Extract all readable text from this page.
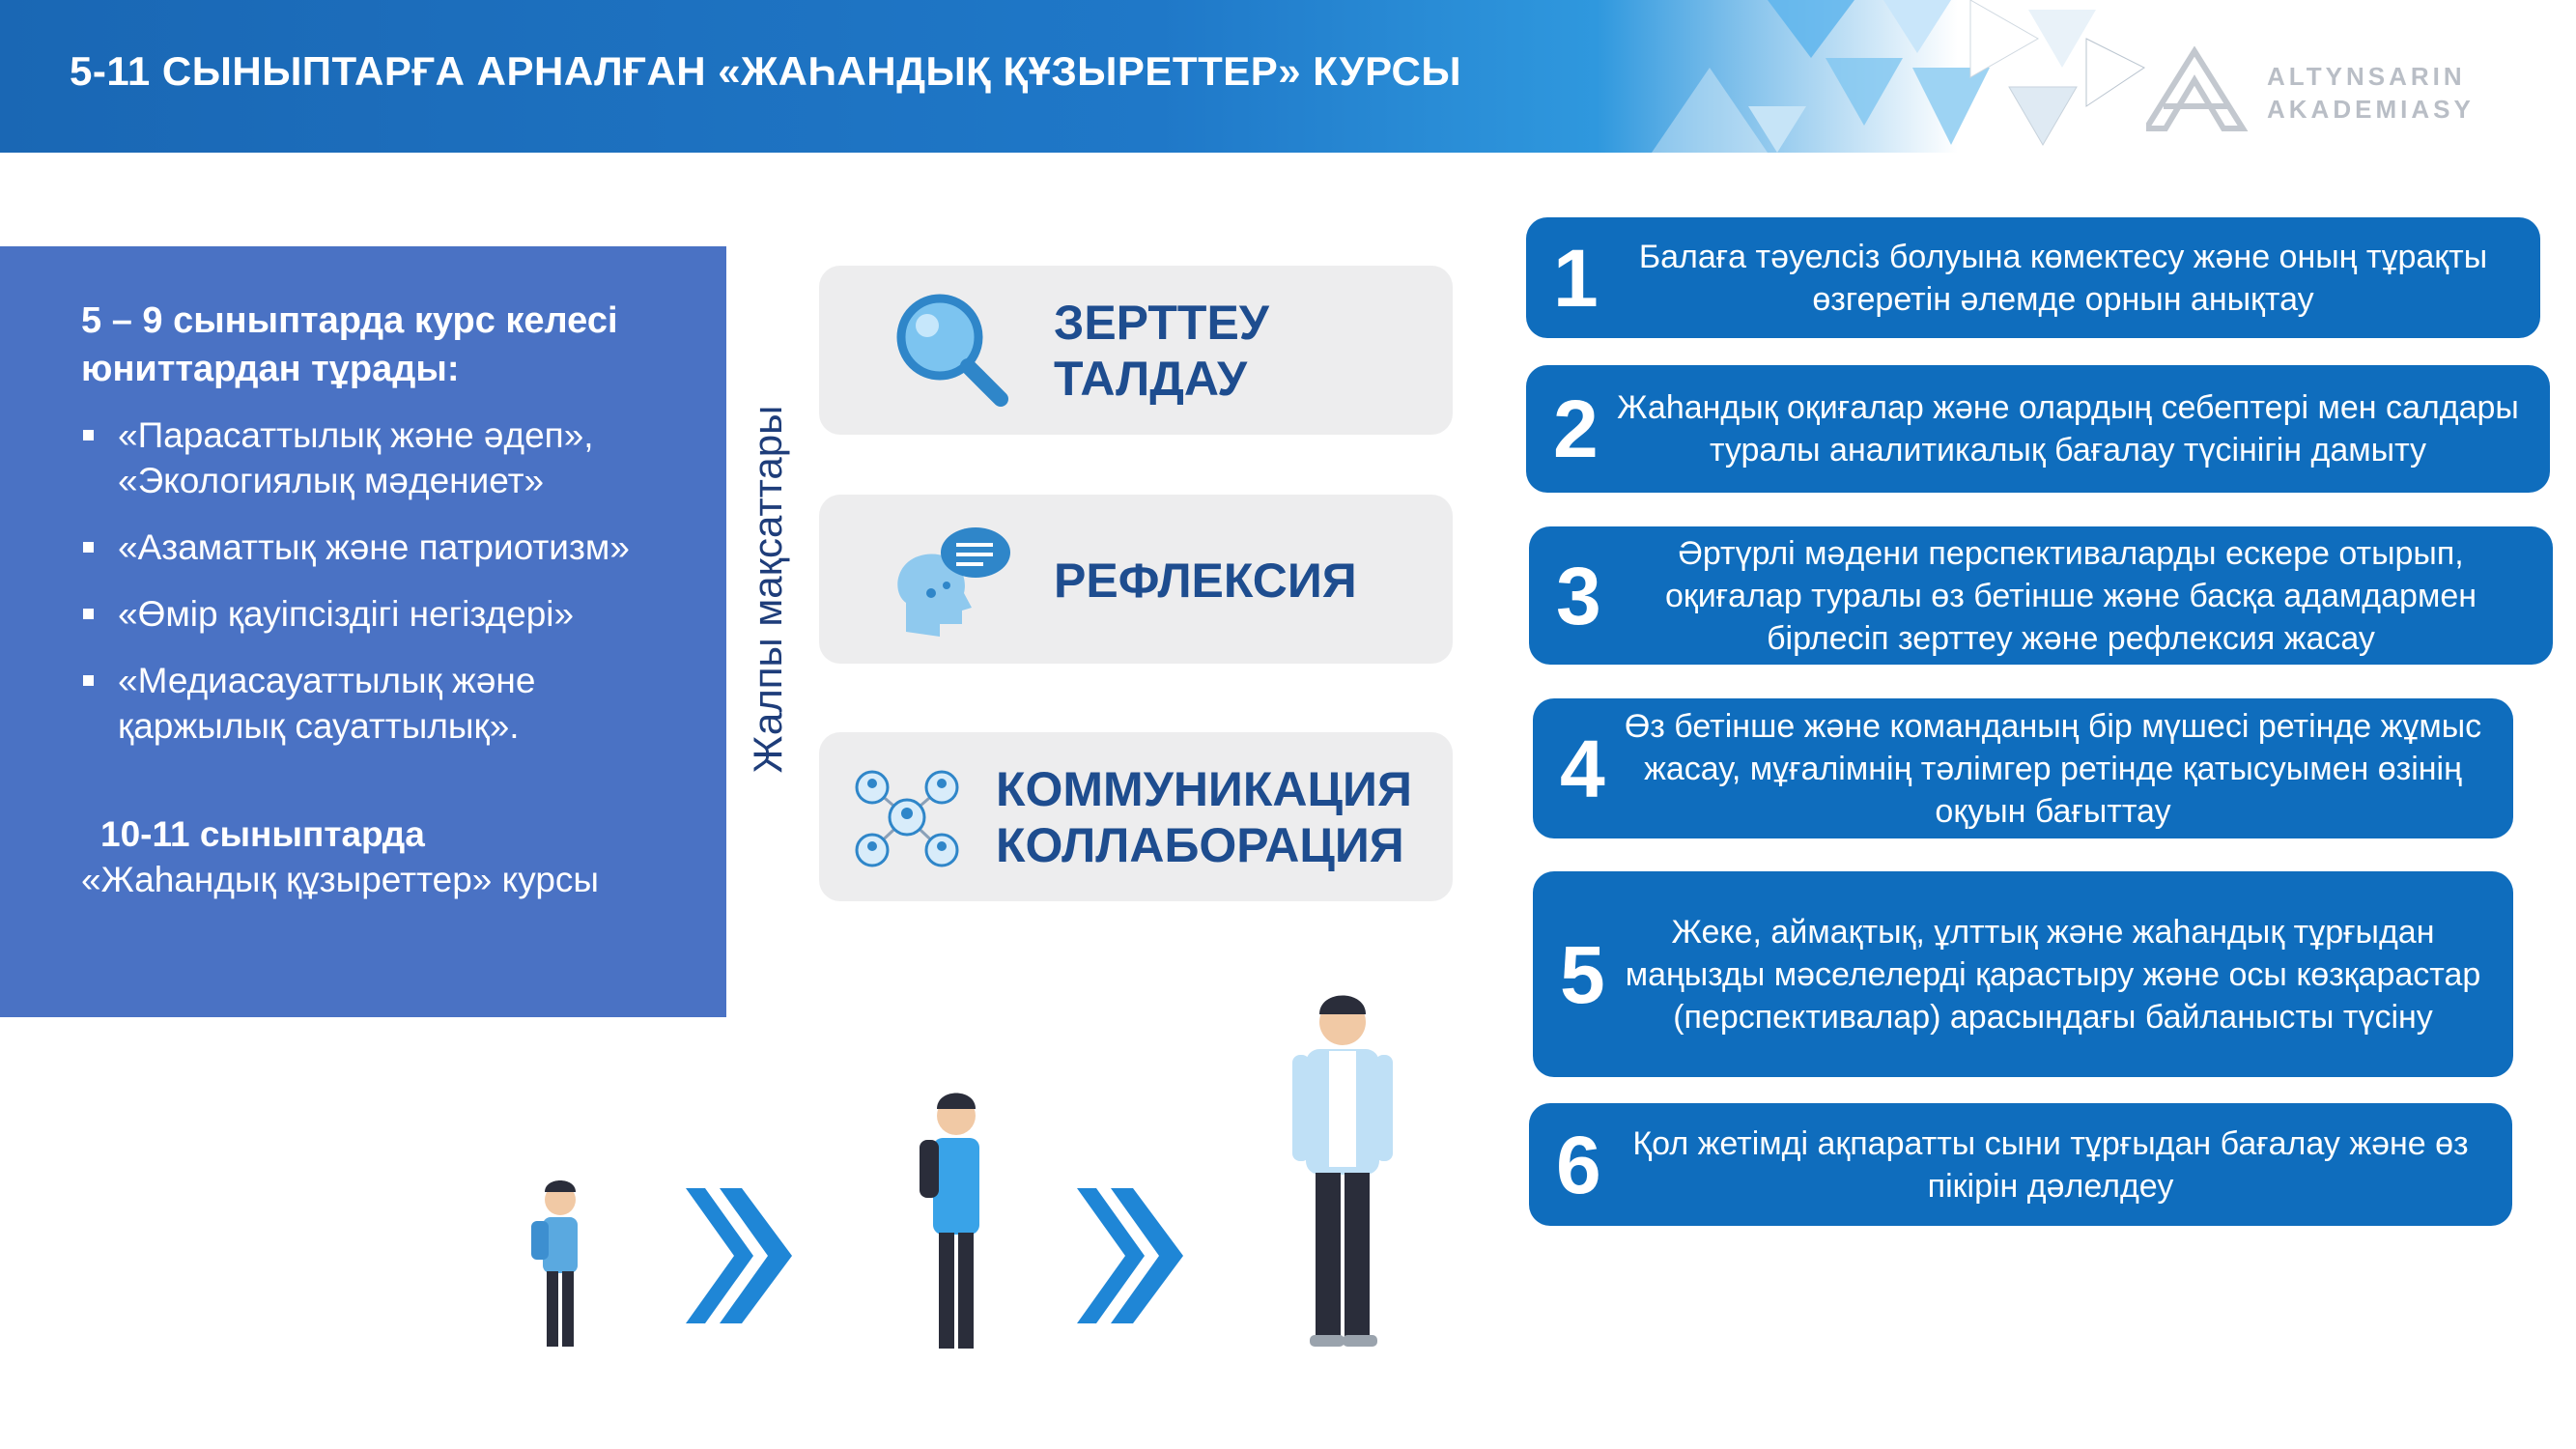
5-11 СЫНЫПТАРҒА АРНАЛҒАН «ЖАҺАНДЫҚ ҚҰЗЫРЕТТЕР» КУРСЫ	ALTYNSARIN
AKADEMIASY
5 – 9 сыныптарда курс келесі юниттардан тұрады:
«Парасаттылық және әдеп», «Экологиялық мәдениет»
«Азаматтық және патриотизм»
«Өмір қауіпсіздігі негіздері»
«Медиасауаттылық және қаржылық сауаттылық».
10-11 сыныптарда
«Жаһандық құзыреттер» курсы
Жалпы мақсаттары
ЗЕРТТЕУ
ТАЛДАУ
РЕФЛЕКСИЯ
КОММУНИКАЦИЯ
КОЛЛАБОРАЦИЯ
1	Балаға тәуелсіз болуына көмектесу және оның тұрақты өзгеретін әлемде орнын анықтау
2 Жаһандық оқиғалар және олардың себептері мен салдары туралы аналитикалық бағалау түсінігін дамыту
3	Әртүрлі мәдени перспективаларды ескере отырып, оқиғалар туралы өз бетінше және басқа адамдармен бірлесіп зерттеу және рефлексия жасау
4 Өз бетінше және команданың бір мүшесі ретінде жұмыс жасау, мұғалімнің тәлімгер ретінде қатысуымен өзінің оқуын бағыттау
5	Жеке, аймақтық, ұлттық және жаһандық тұрғыдан маңызды мәселелерді қарастыру және осы көзқарастар (перспективалар) арасындағы байланысты түсіну
6 Қол жетімді ақпаратты сыни тұрғыдан бағалау және өз пікірін дәлелдеу
